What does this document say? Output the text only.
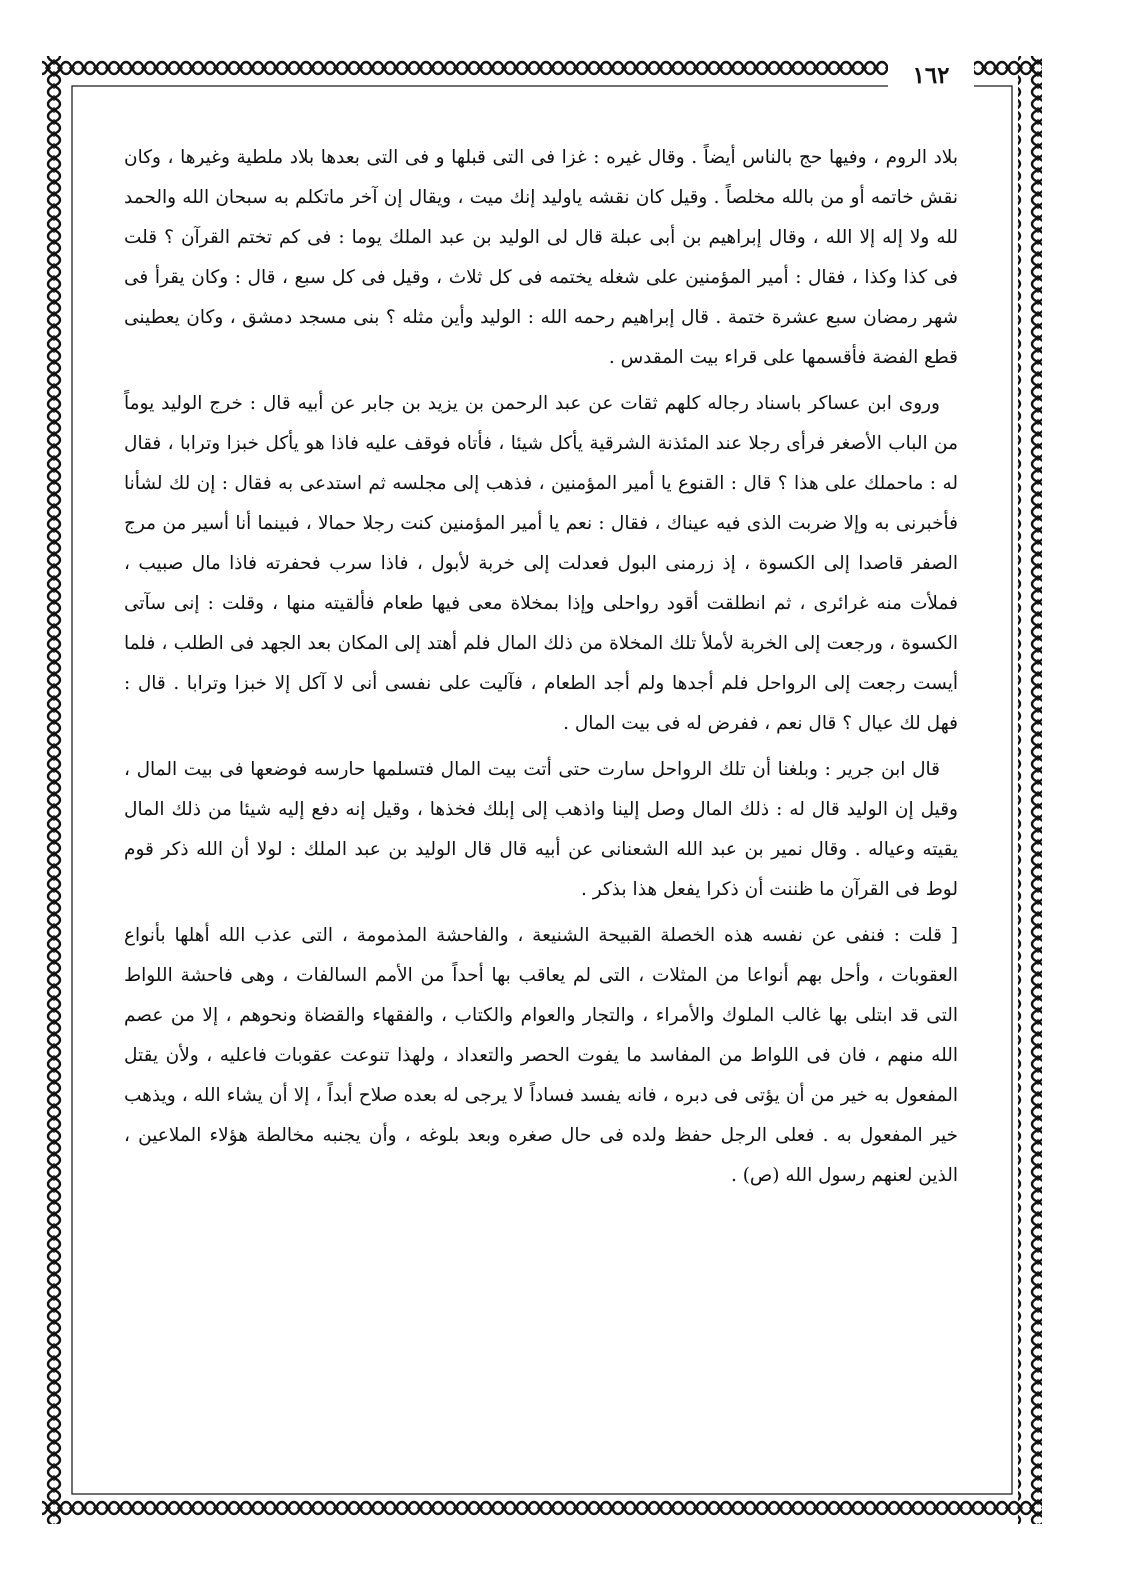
١٦٢

بلاد الروم ، وفيها حج بالناس أيضاً . وقال غيره : غزا فى التى قبلها و فى التى بعدها بلاد ملطية وغيرها ، وكان نقش خاتمه أو من بالله مخلصاً . وقيل كان نقشه ياوليد إنك ميت ، ويقال إن آخر ماتكلم به سبحان الله والحمد لله ولا إله إلا الله ، وقال إبراهيم بن أبى عبلة قال لى الوليد بن عبد الملك يوما : فى كم تختم القرآن ؟ قلت فى كذا وكذا ، فقال : أمير المؤمنين على شغله يختمه فى كل ثلاث ، وقيل فى كل سبع ، قال : وكان يقرأ فى شهر رمضان سبع عشرة ختمة . قال إبراهيم رحمه الله : الوليد وأين مثله ؟ بنى مسجد دمشق ، وكان يعطينى قطع الفضة فأقسمها على قراء بيت المقدس .

وروى ابن عساكر باسناد رجاله كلهم ثقات عن عبد الرحمن بن يزيد بن جابر عن أبيه قال : خرج الوليد يوماً من الباب الأصغر فرأى رجلا عند المئذنة الشرقية يأكل شيئا ، فأتاه فوقف عليه فاذا هو يأكل خبزا وترابا ، فقال له : ماحملك على هذا ؟ قال : القنوع يا أمير المؤمنين ، فذهب إلى مجلسه ثم استدعى به فقال : إن لك لشأنا فأخبرنى به وإلا ضربت الذى فيه عيناك ، فقال : نعم يا أمير المؤمنين كنت رجلا حمالا ، فبينما أنا أسير من مرج الصفر قاصدا إلى الكسوة ، إذ زرمنى البول فعدلت إلى خربة لأبول ، فاذا سرب فحفرته فاذا مال صبيب ، فملأت منه غرائرى ، ثم انطلقت أقود رواحلى وإذا بمخلاة معى فيها طعام فألقيته منها ، وقلت : إنى سآتى الكسوة ، ورجعت إلى الخربة لأملأ تلك المخلاة من ذلك المال فلم أهتد إلى المكان بعد الجهد فى الطلب ، فلما أيست رجعت إلى الرواحل فلم أجدها ولم أجد الطعام ، فآليت على نفسى أنى لا آكل إلا خبزا وترابا . قال : فهل لك عيال ؟ قال نعم ، ففرض له فى بيت المال .

قال ابن جرير : وبلغنا أن تلك الرواحل سارت حتى أتت بيت المال فتسلمها حارسه فوضعها فى بيت المال ، وقيل إن الوليد قال له : ذلك المال وصل إلينا واذهب إلى إبلك فخذها ، وقيل إنه دفع إليه شيئا من ذلك المال يقيته وعياله . وقال نمير بن عبد الله الشعنانى عن أبيه قال قال الوليد بن عبد الملك : لولا أن الله ذكر قوم لوط فى القرآن ما ظننت أن ذكرا يفعل هذا بذكر .

[ قلت : فنفى عن نفسه هذه الخصلة القبيحة الشنيعة ، والفاحشة المذمومة ، التى عذب الله أهلها بأنواع العقوبات ، وأحل بهم أنواعا من المثلات ، التى لم يعاقب بها أحداً من الأمم السالفات ، وهى فاحشة اللواط التى قد ابتلى بها غالب الملوك والأمراء ، والتجار والعوام والكتاب ، والفقهاء والقضاة ونحوهم ، إلا من عصم الله منهم ، فان فى اللواط من المفاسد ما يفوت الحصر والتعداد ، ولهذا تنوعت عقوبات فاعليه ، ولأن يقتل المفعول به خير من أن يؤتى فى دبره ، فانه يفسد فساداً لا يرجى له بعده صلاح أبداً ، إلا أن يشاء الله ، ويذهب خير المفعول به . فعلى الرجل حفظ ولده فى حال صغره وبعد بلوغه ، وأن يجنبه مخالطة هؤلاء الملاعين ، الذين لعنهم رسول الله (ص) .
